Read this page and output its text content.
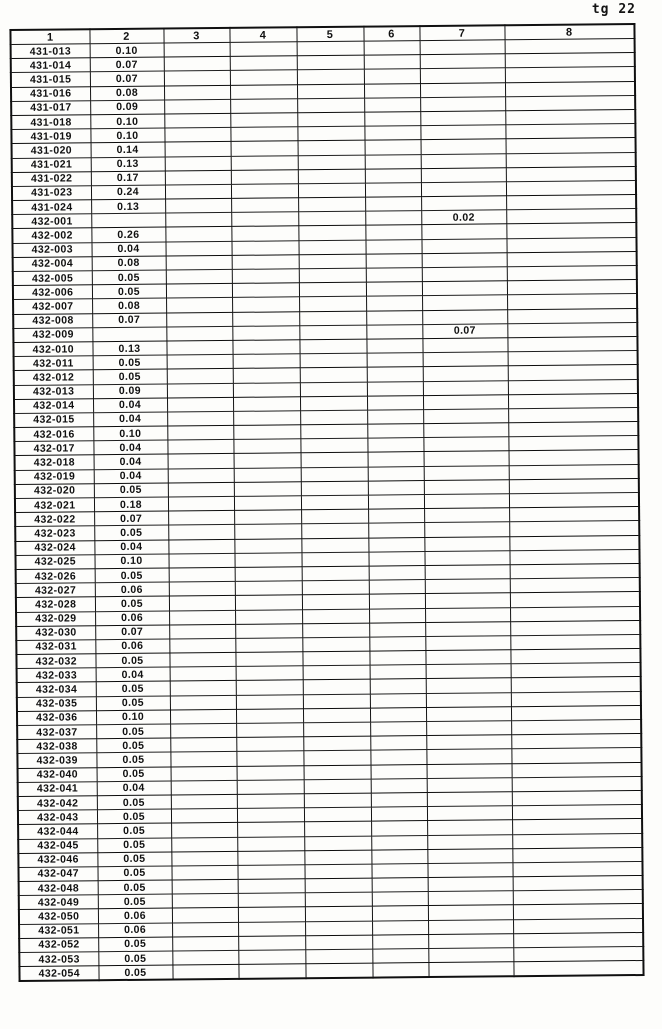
tg 22
1	2	3	4	5	6	7	8
431-013	0.10						
431-014	0.07						
431-015	0.07						
431-016	0.08						
431-017	0.09						
431-018	0.10						
431-019	0.10						
431-020	0.14						
431-021	0.13						
431-022	0.17						
431-023	0.24						
431-024	0.13						
432-001						0.02	
432-002	0.26						
432-003	0.04						
432-004	0.08						
432-005	0.05						
432-006	0.05						
432-007	0.08						
432-008	0.07						
432-009						0.07	
432-010	0.13						
432-011	0.05						
432-012	0.05						
432-013	0.09						
432-014	0.04						
432-015	0.04						
432-016	0.10						
432-017	0.04						
432-018	0.04						
432-019	0.04						
432-020	0.05						
432-021	0.18						
432-022	0.07						
432-023	0.05						
432-024	0.04						
432-025	0.10						
432-026	0.05						
432-027	0.06						
432-028	0.05						
432-029	0.06						
432-030	0.07						
432-031	0.06						
432-032	0.05						
432-033	0.04						
432-034	0.05						
432-035	0.05						
432-036	0.10						
432-037	0.05						
432-038	0.05						
432-039	0.05						
432-040	0.05						
432-041	0.04						
432-042	0.05						
432-043	0.05						
432-044	0.05						
432-045	0.05						
432-046	0.05						
432-047	0.05						
432-048	0.05						
432-049	0.05						
432-050	0.06						
432-051	0.06						
432-052	0.05						
432-053	0.05						
432-054	0.05						
